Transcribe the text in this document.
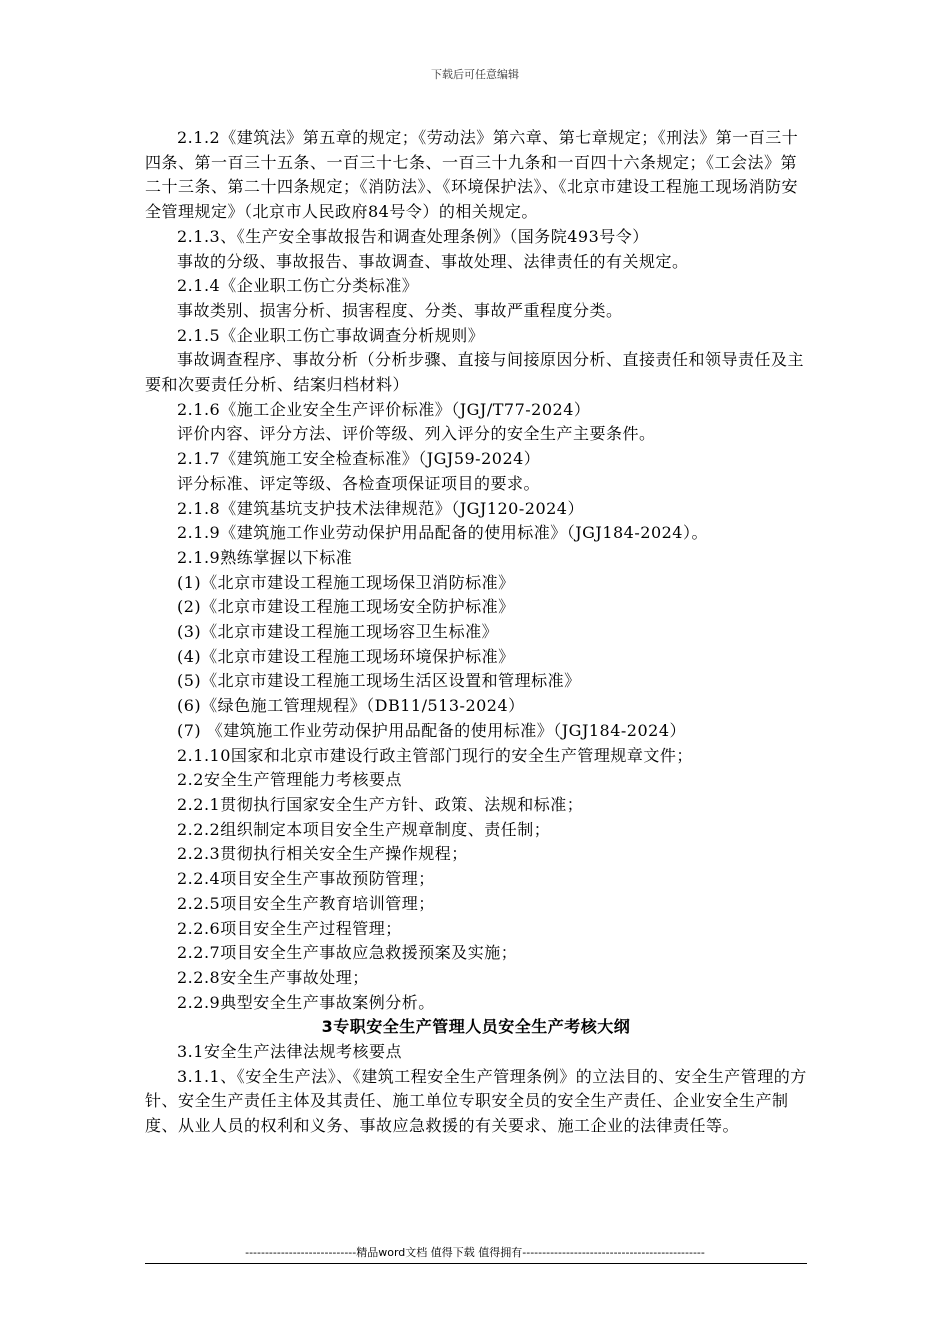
下载后可任意编辑

2.1.2《建筑法》第五章的规定；《劳动法》第六章、第七章规定；《刑法》第一百三十四条、第一百三十五条、一百三十七条、一百三十九条和一百四十六条规定；《工会法》第二十三条、第二十四条规定；《消防法》、《环境保护法》、《北京市建设工程施工现场消防安全管理规定》（北京市人民政府84号令）的相关规定。

2.1.3、《生产安全事故报告和调查处理条例》（国务院493号令）

事故的分级、事故报告、事故调查、事故处理、法律责任的有关规定。

2.1.4《企业职工伤亡分类标准》

事故类别、损害分析、损害程度、分类、事故严重程度分类。

2.1.5《企业职工伤亡事故调查分析规则》

事故调查程序、事故分析（分析步骤、直接与间接原因分析、直接责任和领导责任及主要和次要责任分析、结案归档材料）

2.1.6《施工企业安全生产评价标准》（JGJ/T77-2024）

评价内容、评分方法、评价等级、列入评分的安全生产主要条件。

2.1.7《建筑施工安全检查标准》（JGJ59-2024）

评分标准、评定等级、各检查项保证项目的要求。

2.1.8《建筑基坑支护技术法律规范》（JGJ120-2024）

2.1.9《建筑施工作业劳动保护用品配备的使用标准》（JGJ184-2024）。

2.1.9熟练掌握以下标准

(1)《北京市建设工程施工现场保卫消防标准》

(2)《北京市建设工程施工现场安全防护标准》

(3)《北京市建设工程施工现场容卫生标准》

(4)《北京市建设工程施工现场环境保护标准》

(5)《北京市建设工程施工现场生活区设置和管理标准》

(6)《绿色施工管理规程》（DB11/513-2024）

(7) 《建筑施工作业劳动保护用品配备的使用标准》（JGJ184-2024）

2.1.10国家和北京市建设行政主管部门现行的安全生产管理规章文件；

2.2安全生产管理能力考核要点

2.2.1贯彻执行国家安全生产方针、政策、法规和标准；

2.2.2组织制定本项目安全生产规章制度、责任制；

2.2.3贯彻执行相关安全生产操作规程；

2.2.4项目安全生产事故预防管理；

2.2.5项目安全生产教育培训管理；

2.2.6项目安全生产过程管理；

2.2.7项目安全生产事故应急救援预案及实施；

2.2.8安全生产事故处理；

2.2.9典型安全生产事故案例分析。

3专职安全生产管理人员安全生产考核大纲

3.1安全生产法律法规考核要点

3.1.1、《安全生产法》、《建筑工程安全生产管理条例》的立法目的、安全生产管理的方针、安全生产责任主体及其责任、施工单位专职安全员的安全生产责任、企业安全生产制度、从业人员的权利和义务、事故应急救援的有关要求、施工企业的法律责任等。

----------------------------精品word文档 值得下载 值得拥有----------------------------------------------
